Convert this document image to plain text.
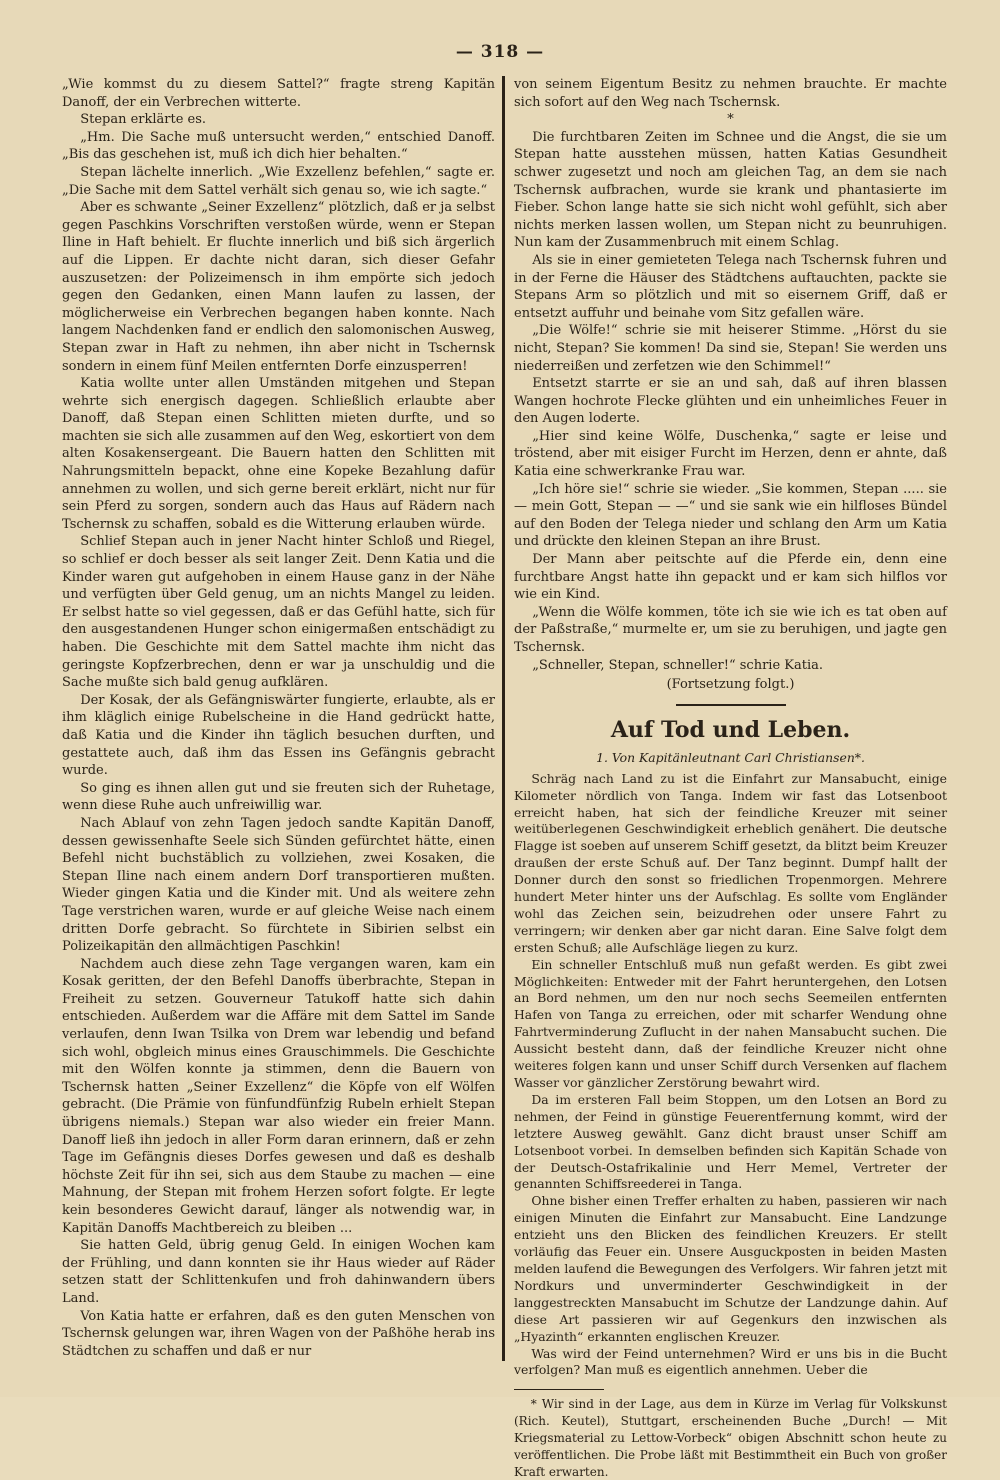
— 318 —

„Wie kommst du zu diesem Sattel?“ fragte streng Kapitän Danoff, der ein Verbrechen witterte.

Stepan erklärte es.

„Hm. Die Sache muß untersucht werden,“ entschied Danoff. „Bis das geschehen ist, muß ich dich hier behalten.“

Stepan lächelte innerlich. „Wie Exzellenz befehlen,“ sagte er. „Die Sache mit dem Sattel verhält sich genau so, wie ich sagte.“

Aber es schwante „Seiner Exzellenz“ plötzlich, daß er ja selbst gegen Paschkins Vorschriften verstoßen würde, wenn er Stepan Iline in Haft behielt. Er fluchte innerlich und biß sich ärgerlich auf die Lippen. Er dachte nicht daran, sich dieser Gefahr auszusetzen: der Polizeimensch in ihm empörte sich jedoch gegen den Gedanken, einen Mann laufen zu lassen, der möglicherweise ein Verbrechen begangen haben konnte. Nach langem Nachdenken fand er endlich den salomonischen Ausweg, Stepan zwar in Haft zu nehmen, ihn aber nicht in Tschernsk sondern in einem fünf Meilen entfernten Dorfe einzusperren!

Katia wollte unter allen Umständen mitgehen und Stepan wehrte sich energisch dagegen. Schließlich erlaubte aber Danoff, daß Stepan einen Schlitten mieten durfte, und so machten sie sich alle zusammen auf den Weg, eskortiert von dem alten Kosakensergeant. Die Bauern hatten den Schlitten mit Nahrungsmitteln bepackt, ohne eine Kopeke Bezahlung dafür annehmen zu wollen, und sich gerne bereit erklärt, nicht nur für sein Pferd zu sorgen, sondern auch das Haus auf Rädern nach Tschernsk zu schaffen, sobald es die Witterung erlauben würde.

Schlief Stepan auch in jener Nacht hinter Schloß und Riegel, so schlief er doch besser als seit langer Zeit. Denn Katia und die Kinder waren gut aufgehoben in einem Hause ganz in der Nähe und verfügten über Geld genug, um an nichts Mangel zu leiden. Er selbst hatte so viel gegessen, daß er das Gefühl hatte, sich für den ausgestandenen Hunger schon einigermaßen entschädigt zu haben. Die Geschichte mit dem Sattel machte ihm nicht das geringste Kopfzerbrechen, denn er war ja unschuldig und die Sache mußte sich bald genug aufklären.

Der Kosak, der als Gefängniswärter fungierte, erlaubte, als er ihm kläglich einige Rubelscheine in die Hand gedrückt hatte, daß Katia und die Kinder ihn täglich besuchen durften, und gestattete auch, daß ihm das Essen ins Gefängnis gebracht wurde.

So ging es ihnen allen gut und sie freuten sich der Ruhetage, wenn diese Ruhe auch unfreiwillig war.

Nach Ablauf von zehn Tagen jedoch sandte Kapitän Danoff, dessen gewissenhafte Seele sich Sünden gefürchtet hätte, einen Befehl nicht buchstäblich zu vollziehen, zwei Kosaken, die Stepan Iline nach einem andern Dorf transportieren mußten. Wieder gingen Katia und die Kinder mit. Und als weitere zehn Tage verstrichen waren, wurde er auf gleiche Weise nach einem dritten Dorfe gebracht. So fürchtete in Sibirien selbst ein Polizeikapitän den allmächtigen Paschkin!

Nachdem auch diese zehn Tage vergangen waren, kam ein Kosak geritten, der den Befehl Danoffs überbrachte, Stepan in Freiheit zu setzen. Gouverneur Tatukoff hatte sich dahin entschieden. Außerdem war die Affäre mit dem Sattel im Sande verlaufen, denn Iwan Tsilka von Drem war lebendig und befand sich wohl, obgleich minus eines Grauschimmels. Die Geschichte mit den Wölfen konnte ja stimmen, denn die Bauern von Tschernsk hatten „Seiner Exzellenz“ die Köpfe von elf Wölfen gebracht. (Die Prämie von fünfundfünfzig Rubeln erhielt Stepan übrigens niemals.) Stepan war also wieder ein freier Mann. Danoff ließ ihn jedoch in aller Form daran erinnern, daß er zehn Tage im Gefängnis dieses Dorfes gewesen und daß es deshalb höchste Zeit für ihn sei, sich aus dem Staube zu machen — eine Mahnung, der Stepan mit frohem Herzen sofort folgte. Er legte kein besonderes Gewicht darauf, länger als notwendig war, in Kapitän Danoffs Machtbereich zu bleiben ...

Sie hatten Geld, übrig genug Geld. In einigen Wochen kam der Frühling, und dann konnten sie ihr Haus wieder auf Räder setzen statt der Schlittenkufen und froh dahinwandern übers Land.

Von Katia hatte er erfahren, daß es den guten Menschen von Tschernsk gelungen war, ihren Wagen von der Paßhöhe herab ins Städtchen zu schaffen und daß er nur

von seinem Eigentum Besitz zu nehmen brauchte. Er machte sich sofort auf den Weg nach Tschernsk.

*

Die furchtbaren Zeiten im Schnee und die Angst, die sie um Stepan hatte ausstehen müssen, hatten Katias Gesundheit schwer zugesetzt und noch am gleichen Tag, an dem sie nach Tschernsk aufbrachen, wurde sie krank und phantasierte im Fieber. Schon lange hatte sie sich nicht wohl gefühlt, sich aber nichts merken lassen wollen, um Stepan nicht zu beunruhigen. Nun kam der Zusammenbruch mit einem Schlag.

Als sie in einer gemieteten Telega nach Tschernsk fuhren und in der Ferne die Häuser des Städtchens auftauchten, packte sie Stepans Arm so plötzlich und mit so eisernem Griff, daß er entsetzt auffuhr und beinahe vom Sitz gefallen wäre.

„Die Wölfe!“ schrie sie mit heiserer Stimme. „Hörst du sie nicht, Stepan? Sie kommen! Da sind sie, Stepan! Sie werden uns niederreißen und zerfetzen wie den Schimmel!“

Entsetzt starrte er sie an und sah, daß auf ihren blassen Wangen hochrote Flecke glühten und ein unheimliches Feuer in den Augen loderte.

„Hier sind keine Wölfe, Duschenka,“ sagte er leise und tröstend, aber mit eisiger Furcht im Herzen, denn er ahnte, daß Katia eine schwerkranke Frau war.

„Ich höre sie!“ schrie sie wieder. „Sie kommen, Stepan ..... sie — mein Gott, Stepan — —“ und sie sank wie ein hilfloses Bündel auf den Boden der Telega nieder und schlang den Arm um Katia und drückte den kleinen Stepan an ihre Brust.

Der Mann aber peitschte auf die Pferde ein, denn eine furchtbare Angst hatte ihn gepackt und er kam sich hilflos vor wie ein Kind.

„Wenn die Wölfe kommen, töte ich sie wie ich es tat oben auf der Paßstraße,“ murmelte er, um sie zu beruhigen, und jagte gen Tschernsk.

„Schneller, Stepan, schneller!“ schrie Katia.

(Fortsetzung folgt.)

Auf Tod und Leben.

1. Von Kapitänleutnant Carl Christiansen*.

Schräg nach Land zu ist die Einfahrt zur Mansabucht, einige Kilometer nördlich von Tanga. Indem wir fast das Lotsenboot erreicht haben, hat sich der feindliche Kreuzer mit seiner weitüberlegenen Geschwindigkeit erheblich genähert. Die deutsche Flagge ist soeben auf unserem Schiff gesetzt, da blitzt beim Kreuzer draußen der erste Schuß auf. Der Tanz beginnt. Dumpf hallt der Donner durch den sonst so friedlichen Tropenmorgen. Mehrere hundert Meter hinter uns der Aufschlag. Es sollte vom Engländer wohl das Zeichen sein, beizudrehen oder unsere Fahrt zu verringern; wir denken aber gar nicht daran. Eine Salve folgt dem ersten Schuß; alle Aufschläge liegen zu kurz.

Ein schneller Entschluß muß nun gefaßt werden. Es gibt zwei Möglichkeiten: Entweder mit der Fahrt heruntergehen, den Lotsen an Bord nehmen, um den nur noch sechs Seemeilen entfernten Hafen von Tanga zu erreichen, oder mit scharfer Wendung ohne Fahrtverminderung Zuflucht in der nahen Mansabucht suchen. Die Aussicht besteht dann, daß der feindliche Kreuzer nicht ohne weiteres folgen kann und unser Schiff durch Versenken auf flachem Wasser vor gänzlicher Zerstörung bewahrt wird.

Da im ersteren Fall beim Stoppen, um den Lotsen an Bord zu nehmen, der Feind in günstige Feuerentfernung kommt, wird der letztere Ausweg gewählt. Ganz dicht braust unser Schiff am Lotsenboot vorbei. In demselben befinden sich Kapitän Schade von der Deutsch-Ostafrikalinie und Herr Memel, Vertreter der genannten Schiffsreederei in Tanga.

Ohne bisher einen Treffer erhalten zu haben, passieren wir nach einigen Minuten die Einfahrt zur Mansabucht. Eine Landzunge entzieht uns den Blicken des feindlichen Kreuzers. Er stellt vorläufig das Feuer ein. Unsere Ausguckposten in beiden Masten melden laufend die Bewegungen des Verfolgers. Wir fahren jetzt mit Nordkurs und unverminderter Geschwindigkeit in der langgestreckten Mansabucht im Schutze der Landzunge dahin. Auf diese Art passieren wir auf Gegenkurs den inzwischen als „Hyazinth“ erkannten englischen Kreuzer.

Was wird der Feind unternehmen? Wird er uns bis in die Bucht verfolgen? Man muß es eigentlich annehmen. Ueber die

* Wir sind in der Lage, aus dem in Kürze im Verlag für Volkskunst (Rich. Keutel), Stuttgart, erscheinenden Buche „Durch! — Mit Kriegsmaterial zu Lettow-Vorbeck“ obigen Abschnitt schon heute zu veröffentlichen. Die Probe läßt mit Bestimmtheit ein Buch von großer Kraft erwarten.
